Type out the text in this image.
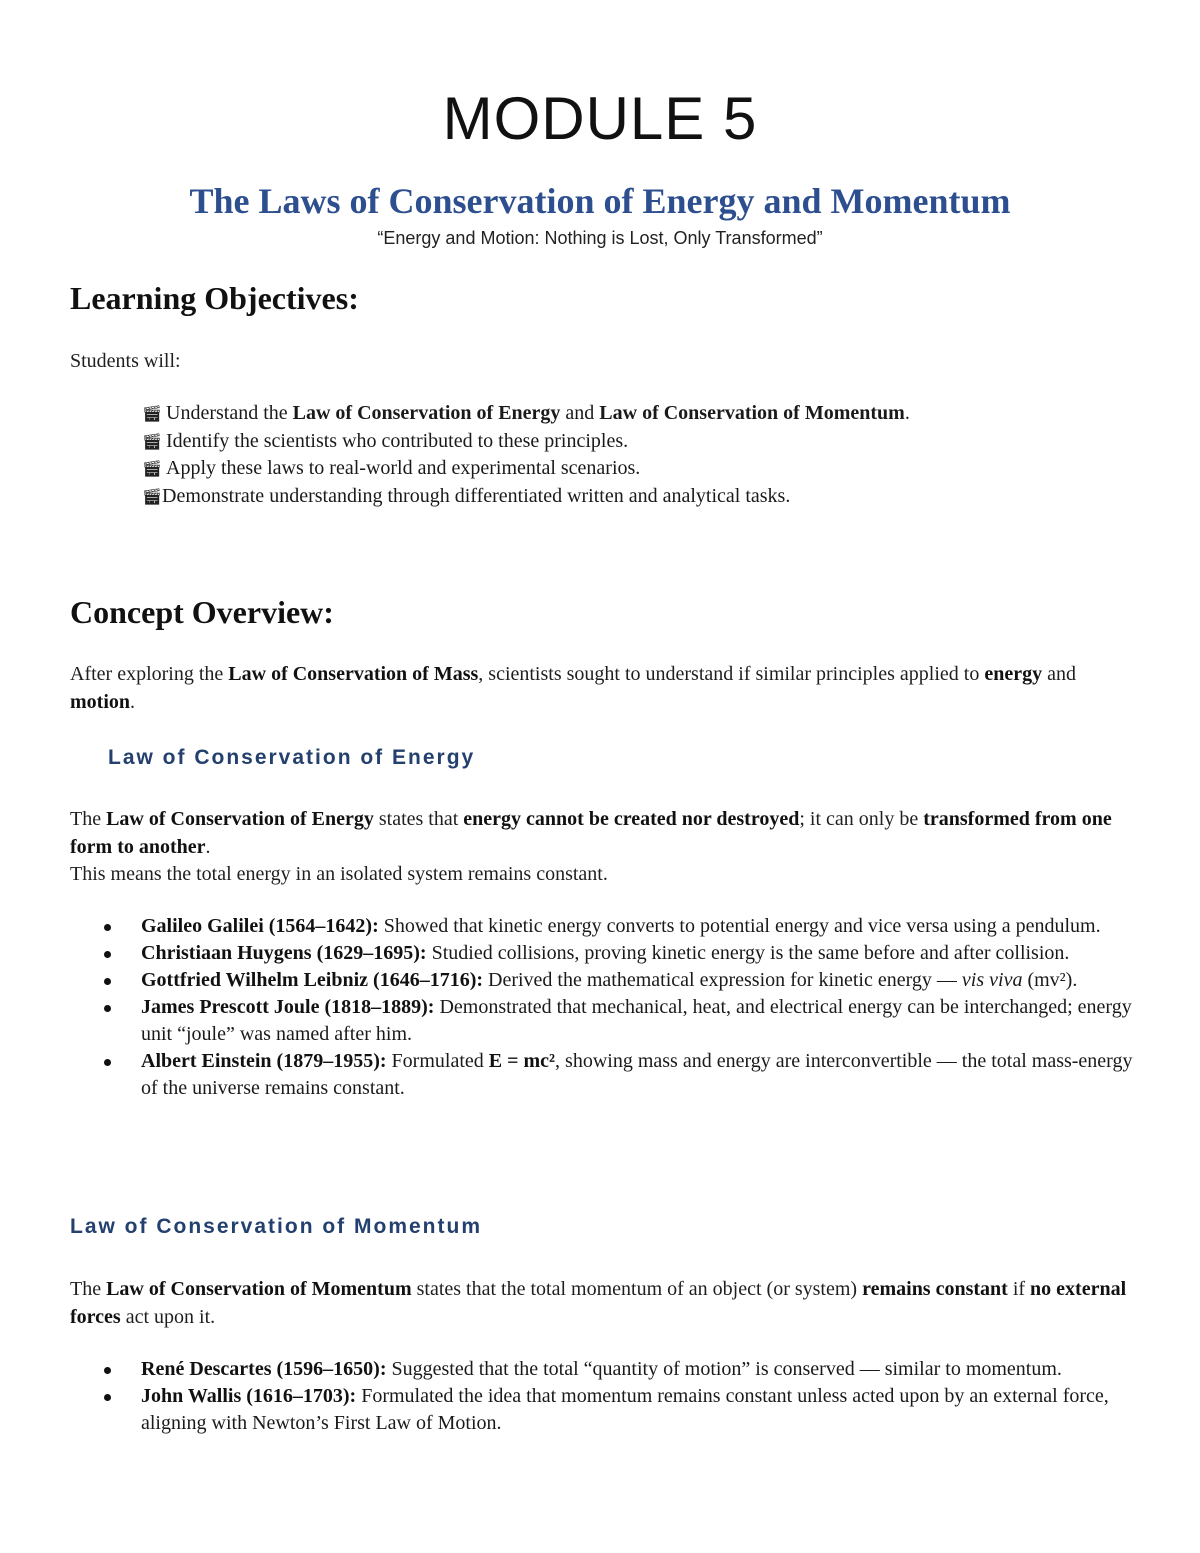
MODULE 5
The Laws of Conservation of Energy and Momentum
“Energy and Motion: Nothing is Lost, Only Transformed”
Learning Objectives:
Students will:
🎬︎ Understand the Law of Conservation of Energy and Law of Conservation of Momentum.
🎬︎ Identify the scientists who contributed to these principles.
🎬︎ Apply these laws to real-world and experimental scenarios.
🎬︎Demonstrate understanding through differentiated written and analytical tasks.
Concept Overview:
After exploring the Law of Conservation of Mass, scientists sought to understand if similar principles applied to energy and motion.
Law of Conservation of Energy
The Law of Conservation of Energy states that energy cannot be created nor destroyed; it can only be transformed from one form to another.
This means the total energy in an isolated system remains constant.
Galileo Galilei (1564–1642): Showed that kinetic energy converts to potential energy and vice versa using a pendulum.
Christiaan Huygens (1629–1695): Studied collisions, proving kinetic energy is the same before and after collision.
Gottfried Wilhelm Leibniz (1646–1716): Derived the mathematical expression for kinetic energy — vis viva (mv²).
James Prescott Joule (1818–1889): Demonstrated that mechanical, heat, and electrical energy can be interchanged; energy unit “joule” was named after him.
Albert Einstein (1879–1955): Formulated E = mc², showing mass and energy are interconvertible — the total mass-energy of the universe remains constant.
Law of Conservation of Momentum
The Law of Conservation of Momentum states that the total momentum of an object (or system) remains constant if no external forces act upon it.
René Descartes (1596–1650): Suggested that the total “quantity of motion” is conserved — similar to momentum.
John Wallis (1616–1703): Formulated the idea that momentum remains constant unless acted upon by an external force, aligning with Newton’s First Law of Motion.
